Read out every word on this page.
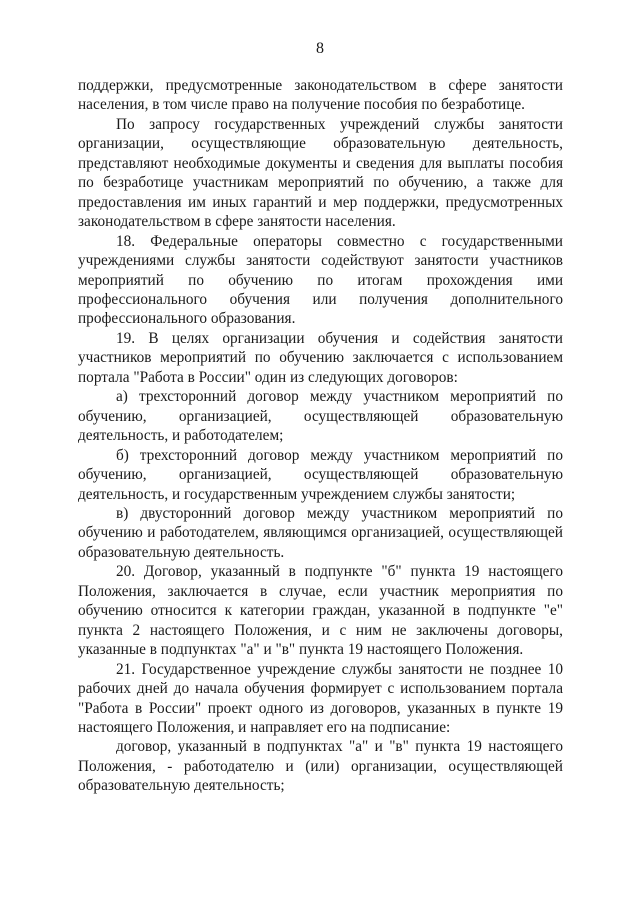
8

поддержки, предусмотренные законодательством в сфере занятости населения, в том числе право на получение пособия по безработице.

По запросу государственных учреждений службы занятости организации, осуществляющие образовательную деятельность, представляют необходимые документы и сведения для выплаты пособия по безработице участникам мероприятий по обучению, а также для предоставления им иных гарантий и мер поддержки, предусмотренных законодательством в сфере занятости населения.

18. Федеральные операторы совместно с государственными учреждениями службы занятости содействуют занятости участников мероприятий по обучению по итогам прохождения ими профессионального обучения или получения дополнительного профессионального образования.

19. В целях организации обучения и содействия занятости участников мероприятий по обучению заключается с использованием портала "Работа в России" один из следующих договоров:

а) трехсторонний договор между участником мероприятий по обучению, организацией, осуществляющей образовательную деятельность, и работодателем;

б) трехсторонний договор между участником мероприятий по обучению, организацией, осуществляющей образовательную деятельность, и государственным учреждением службы занятости;

в) двусторонний договор между участником мероприятий по обучению и работодателем, являющимся организацией, осуществляющей образовательную деятельность.

20. Договор, указанный в подпункте "б" пункта 19 настоящего Положения, заключается в случае, если участник мероприятия по обучению относится к категории граждан, указанной в подпункте "е" пункта 2 настоящего Положения, и с ним не заключены договоры, указанные в подпунктах "а" и "в" пункта 19 настоящего Положения.

21. Государственное учреждение службы занятости не позднее 10 рабочих дней до начала обучения формирует с использованием портала "Работа в России" проект одного из договоров, указанных в пункте 19 настоящего Положения, и направляет его на подписание:

договор, указанный в подпунктах "а" и "в" пункта 19 настоящего Положения, - работодателю и (или) организации, осуществляющей образовательную деятельность;
